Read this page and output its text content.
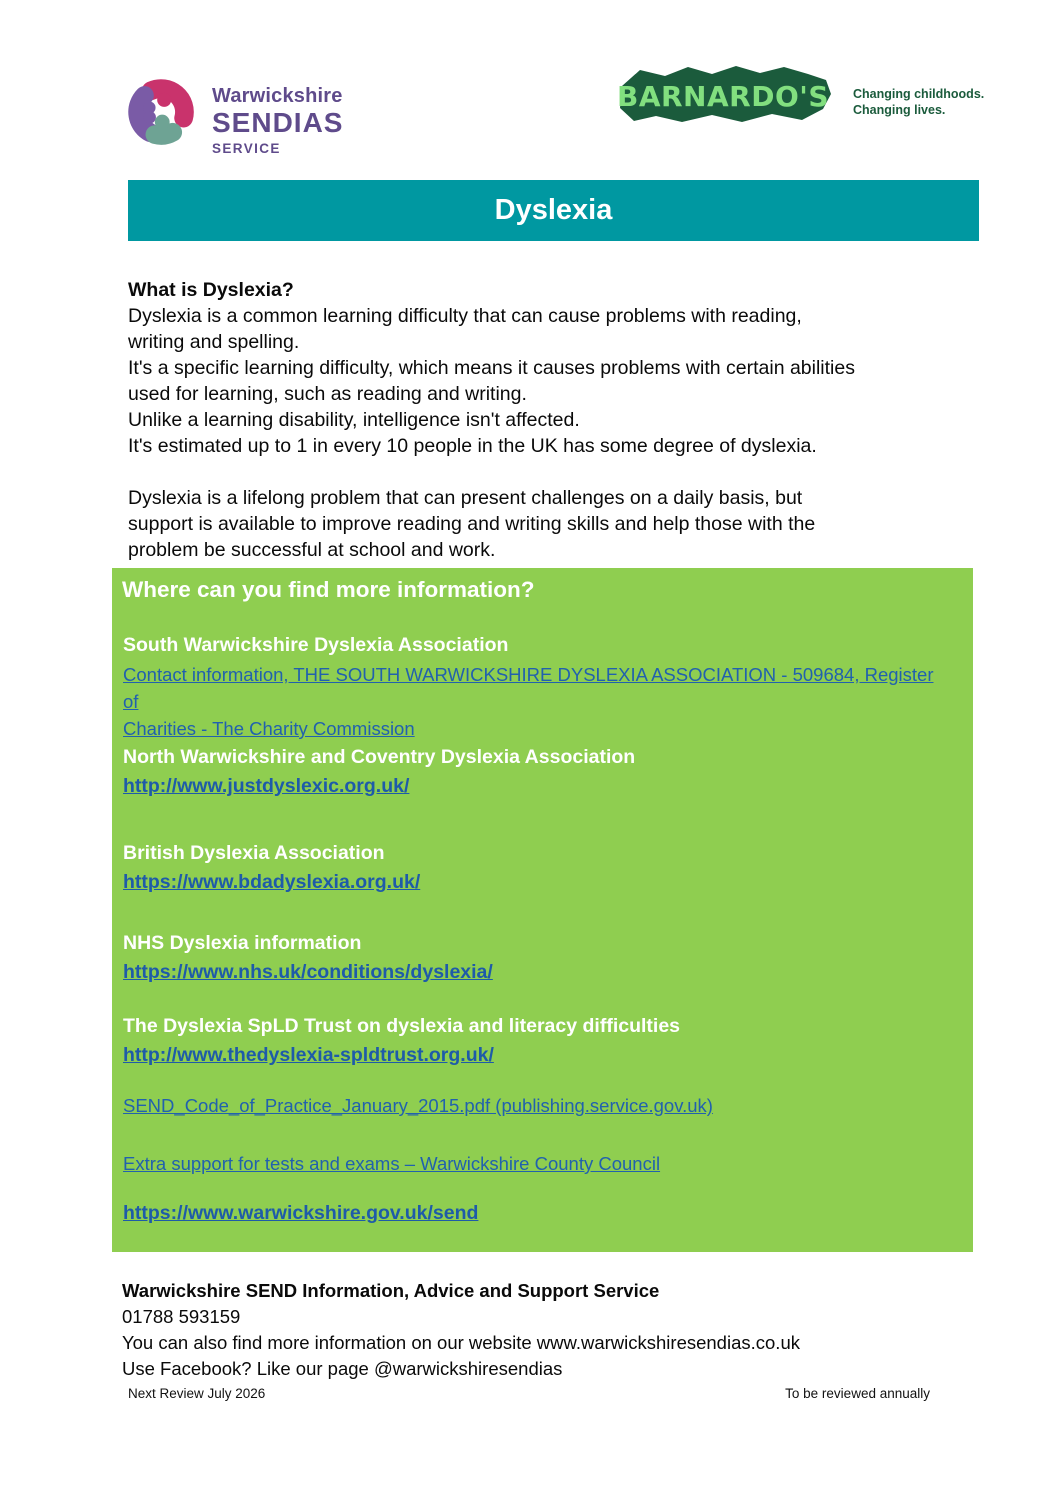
Warwickshire
SENDIAS
SERVICE
BARNARDO'S Changing childhoods.
Changing lives.
Dyslexia
What is Dyslexia?
Dyslexia is a common learning difficulty that can cause problems with reading,
writing and spelling.
It's a specific learning difficulty, which means it causes problems with certain abilities
used for learning, such as reading and writing.
Unlike a learning disability, intelligence isn't affected.
It's estimated up to 1 in every 10 people in the UK has some degree of dyslexia.
Dyslexia is a lifelong problem that can present challenges on a daily basis, but
support is available to improve reading and writing skills and help those with the
problem be successful at school and work.
Where can you find more information?
South Warwickshire Dyslexia Association
Contact information, THE SOUTH WARWICKSHIRE DYSLEXIA ASSOCIATION - 509684, Register of
Charities - The Charity Commission
North Warwickshire and Coventry Dyslexia Association
http://www.justdyslexic.org.uk/
British Dyslexia Association
https://www.bdadyslexia.org.uk/
NHS Dyslexia information
https://www.nhs.uk/conditions/dyslexia/
The Dyslexia SpLD Trust on dyslexia and literacy difficulties
http://www.thedyslexia-spldtrust.org.uk/
SEND_Code_of_Practice_January_2015.pdf (publishing.service.gov.uk)
Extra support for tests and exams – Warwickshire County Council
https://www.warwickshire.gov.uk/send
Warwickshire SEND Information, Advice and Support Service
01788 593159
You can also find more information on our website www.warwickshiresendias.co.uk
Use Facebook? Like our page @warwickshiresendias
Next Review July 2026	To be reviewed annually
